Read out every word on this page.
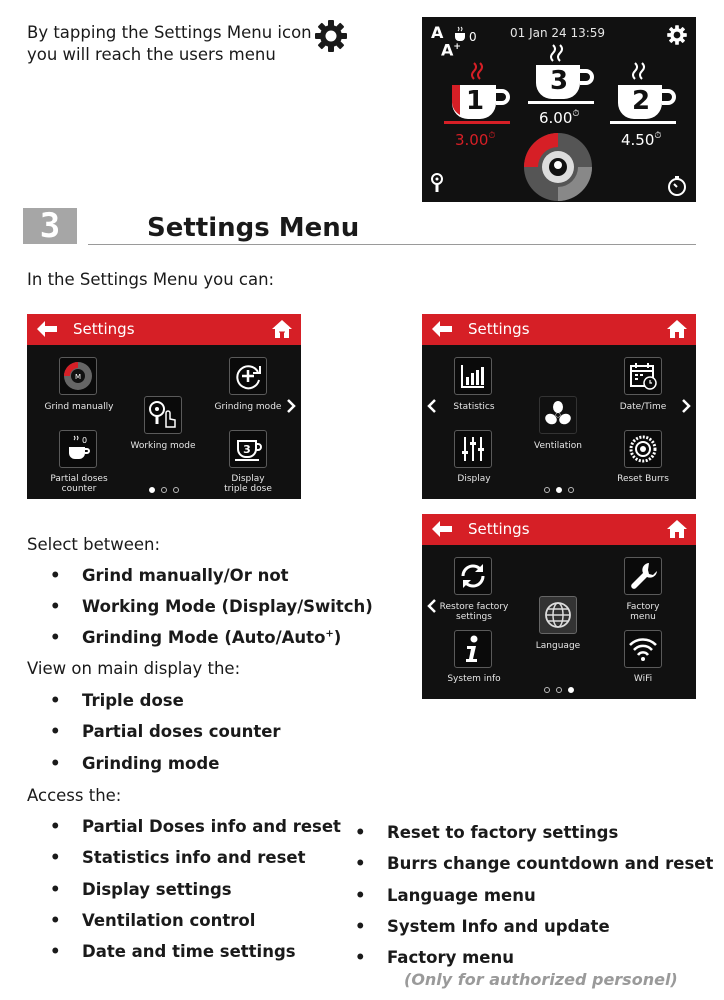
By tapping the Settings Menu icon
you will reach the users menu
A
A+
0	01 Jan 24 13:59
1
3.00⏱
3
6.00⏱ 2
4.50⏱
3	Settings Menu
In the Settings Menu you can:
Settings
M
Grind manually	Grinding mode
Working mode
0
Partial doses
counter
3
Display
triple dose
Settings
Statistics	Date/Time
Ventilation
Display	Reset Burrs
Settings
Restore factory
settings
Factory
menu
Language
System info	WiFi
Select between:
• Grind manually/Or not
• Working Mode (Display/Switch)
• Grinding Mode (Auto/Auto+)
View on main display the:
• Triple dose
• Partial doses counter
• Grinding mode
Access the:
• Partial Doses info and reset
• Statistics info and reset
• Display settings
• Ventilation control
• Date and time settings
• Reset to factory settings
• Burrs change countdown and reset
• Language menu
• System Info and update
• Factory menu
(Only for authorized personel)
